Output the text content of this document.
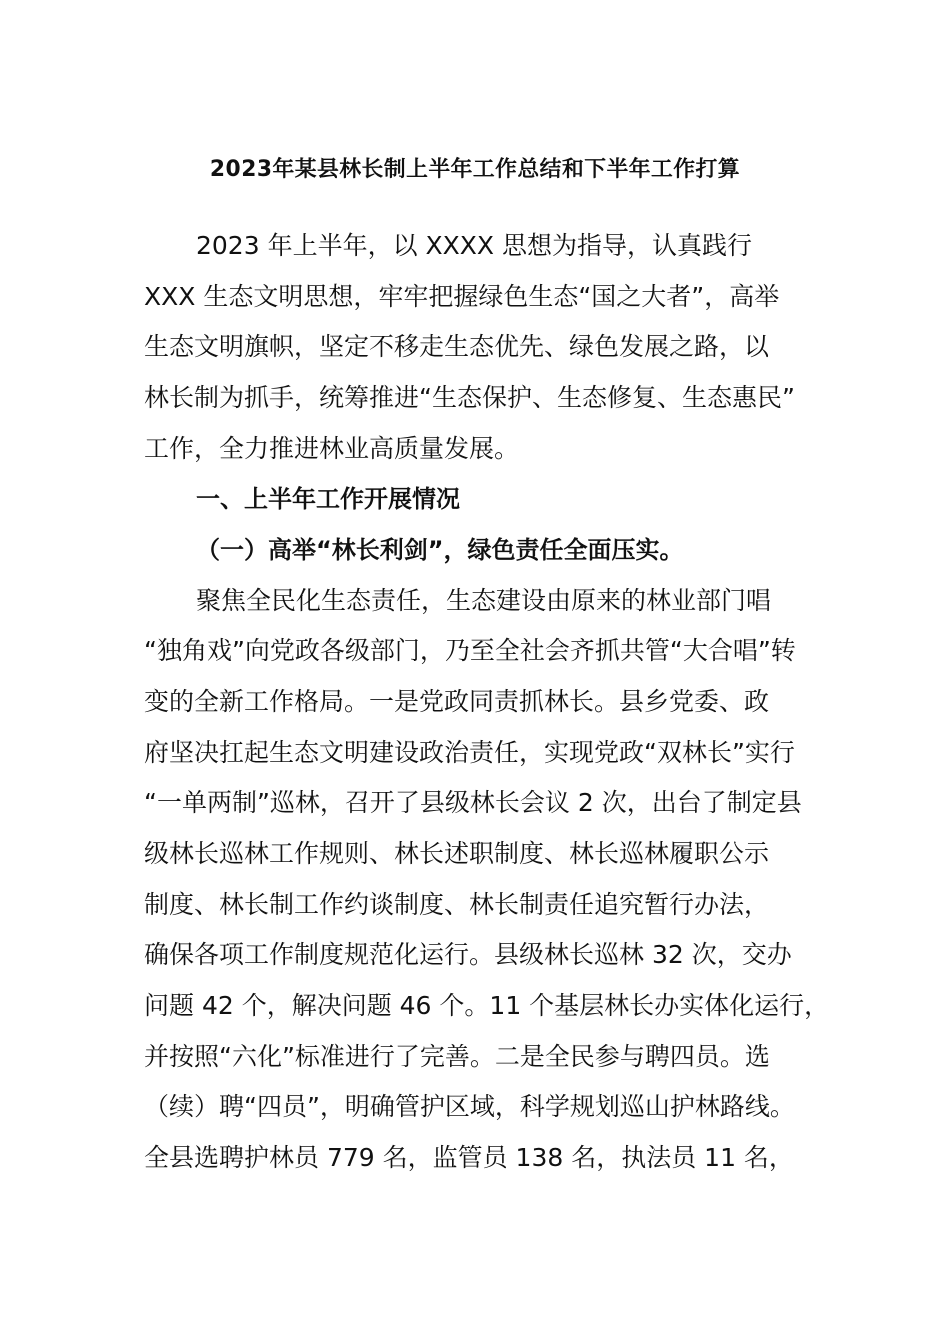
2023年某县林长制上半年工作总结和下半年工作打算
2023 年上半年，以 XXXX 思想为指导，认真践行
XXX 生态文明思想，牢牢把握绿色生态“国之大者”，高举
生态文明旗帜，坚定不移走生态优先、绿色发展之路，以
林长制为抓手，统筹推进“生态保护、生态修复、生态惠民”
工作，全力推进林业高质量发展。
一、上半年工作开展情况
（一）高举“林长利剑”，绿色责任全面压实。
聚焦全民化生态责任，生态建设由原来的林业部门唱
“独角戏”向党政各级部门，乃至全社会齐抓共管“大合唱”转
变的全新工作格局。一是党政同责抓林长。县乡党委、政
府坚决扛起生态文明建设政治责任，实现党政“双林长”实行
“一单两制”巡林，召开了县级林长会议 2 次，出台了制定县
级林长巡林工作规则、林长述职制度、林长巡林履职公示
制度、林长制工作约谈制度、林长制责任追究暂行办法，
确保各项工作制度规范化运行。县级林长巡林 32 次，交办
问题 42 个，解决问题 46 个。11 个基层林长办实体化运行，
并按照“六化”标准进行了完善。二是全民参与聘四员。选
（续）聘“四员”，明确管护区域，科学规划巡山护林路线。
全县选聘护林员 779 名，监管员 138 名，执法员 11 名，
